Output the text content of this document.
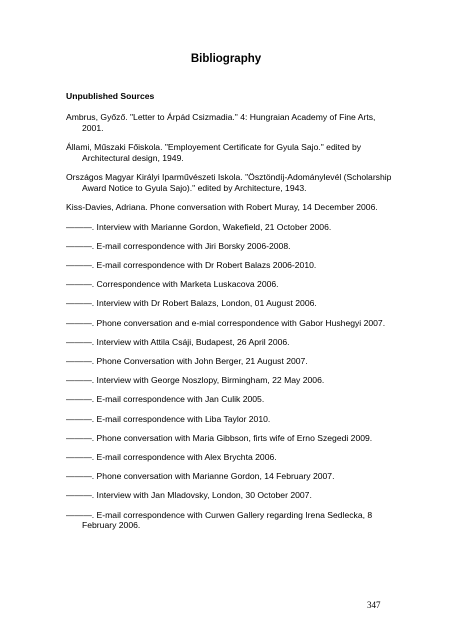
Bibliography
Unpublished Sources

Ambrus, Győző. "Letter to Árpád Csizmadia." 4: Hungraian Academy of Fine Arts, 2001.

Állami, Műszaki Főiskola. "Employement Certificate for Gyula Sajo." edited by Architectural design, 1949.

Országos Magyar Királyi Iparművészeti Iskola. "Ösztöndíj-Adománylevél (Scholarship Award Notice to Gyula Sajo)." edited by Architecture, 1943.

Kiss-Davies, Adriana. Phone conversation with Robert Muray, 14 December 2006.

———. Interview with Marianne Gordon, Wakefield, 21 October 2006.

———. E-mail correspondence with Jiri Borsky 2006-2008.

———. E-mail correspondence with Dr Robert Balazs 2006-2010.

———. Correspondence with Marketa Luskacova 2006.

———. Interview with Dr Robert Balazs, London, 01 August 2006.

———. Phone conversation and e-mial correspondence with Gabor Hushegyi 2007.

———. Interview with Attila Csáji, Budapest, 26 April 2006.

———. Phone Conversation with John Berger, 21 August 2007.

———. Interview with George Noszlopy, Birmingham, 22 May 2006.

———. E-mail correspondence with Jan Culik 2005.

———. E-mail correspondence with Liba Taylor 2010.

———. Phone conversation with Maria Gibbson, firts wife of Erno Szegedi 2009.

———. E-mail correspondence with Alex Brychta 2006.

———. Phone conversation with Marianne Gordon, 14 February 2007.

———. Interview with Jan Mladovsky, London, 30 October 2007.

———. E-mail correspondence with Curwen Gallery regarding Irena Sedlecka, 8 February 2006.

347
